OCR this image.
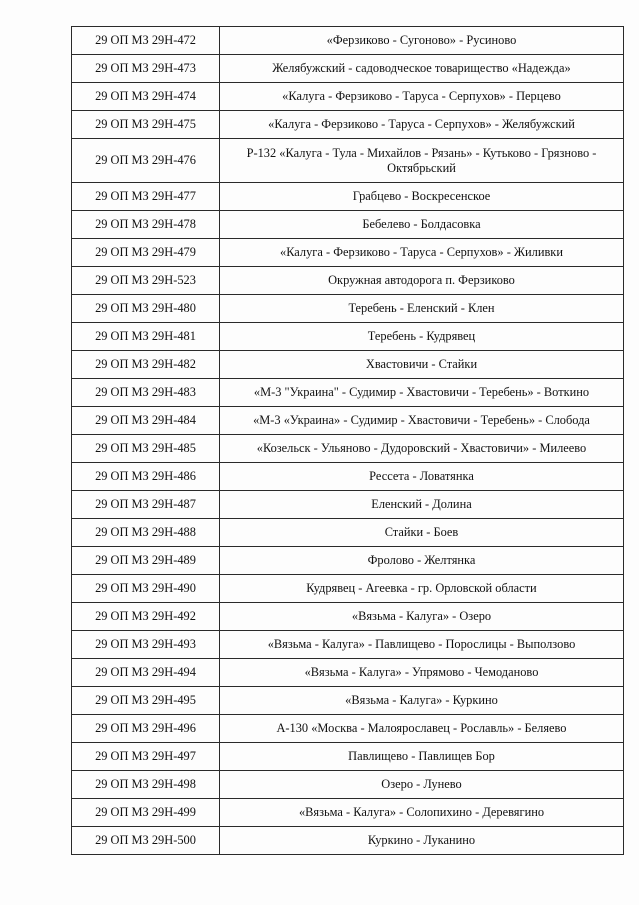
29 ОП МЗ 29Н-472	«Ферзиково - Сугоново» - Русиново
29 ОП МЗ 29Н-473	Желябужский - садоводческое товарищество «Надежда»
29 ОП МЗ 29Н-474	«Калуга - Ферзиково - Таруса - Серпухов» - Перцево
29 ОП МЗ 29Н-475	«Калуга - Ферзиково - Таруса - Серпухов» - Желябужский
29 ОП МЗ 29Н-476	Р-132 «Калуга - Тула - Михайлов - Рязань» - Кутьково - Грязново - Октябрьский
29 ОП МЗ 29Н-477	Грабцево - Воскресенское
29 ОП МЗ 29Н-478	Бебелево - Болдасовка
29 ОП МЗ 29Н-479	«Калуга - Ферзиково - Таруса - Серпухов» - Жиливки
29 ОП МЗ 29Н-523	Окружная автодорога п. Ферзиково
29 ОП МЗ 29Н-480	Теребень - Еленский - Клен
29 ОП МЗ 29Н-481	Теребень - Кудрявец
29 ОП МЗ 29Н-482	Хвастовичи - Стайки
29 ОП МЗ 29Н-483	«М-3 "Украина" - Судимир - Хвастовичи - Теребень» - Воткино
29 ОП МЗ 29Н-484	«М-3 «Украина» - Судимир - Хвастовичи - Теребень» - Слобода
29 ОП МЗ 29Н-485	«Козельск - Ульяново - Дудоровский - Хвастовичи» - Милеево
29 ОП МЗ 29Н-486	Рессета - Ловатянка
29 ОП МЗ 29Н-487	Еленский - Долина
29 ОП МЗ 29Н-488	Стайки - Боев
29 ОП МЗ 29Н-489	Фролово - Желтянка
29 ОП МЗ 29Н-490	Кудрявец - Агеевка - гр. Орловской области
29 ОП МЗ 29Н-492	«Вязьма - Калуга» - Озеро
29 ОП МЗ 29Н-493	«Вязьма - Калуга» - Павлищево - Порослицы - Выползово
29 ОП МЗ 29Н-494	«Вязьма - Калуга» - Упрямово - Чемоданово
29 ОП МЗ 29Н-495	«Вязьма - Калуга» - Куркино
29 ОП МЗ 29Н-496	А-130 «Москва - Малоярославец - Рославль» - Беляево
29 ОП МЗ 29Н-497	Павлищево - Павлищев Бор
29 ОП МЗ 29Н-498	Озеро - Лунево
29 ОП МЗ 29Н-499	«Вязьма - Калуга» - Солопихино - Деревягино
29 ОП МЗ 29Н-500	Куркино - Луканино
